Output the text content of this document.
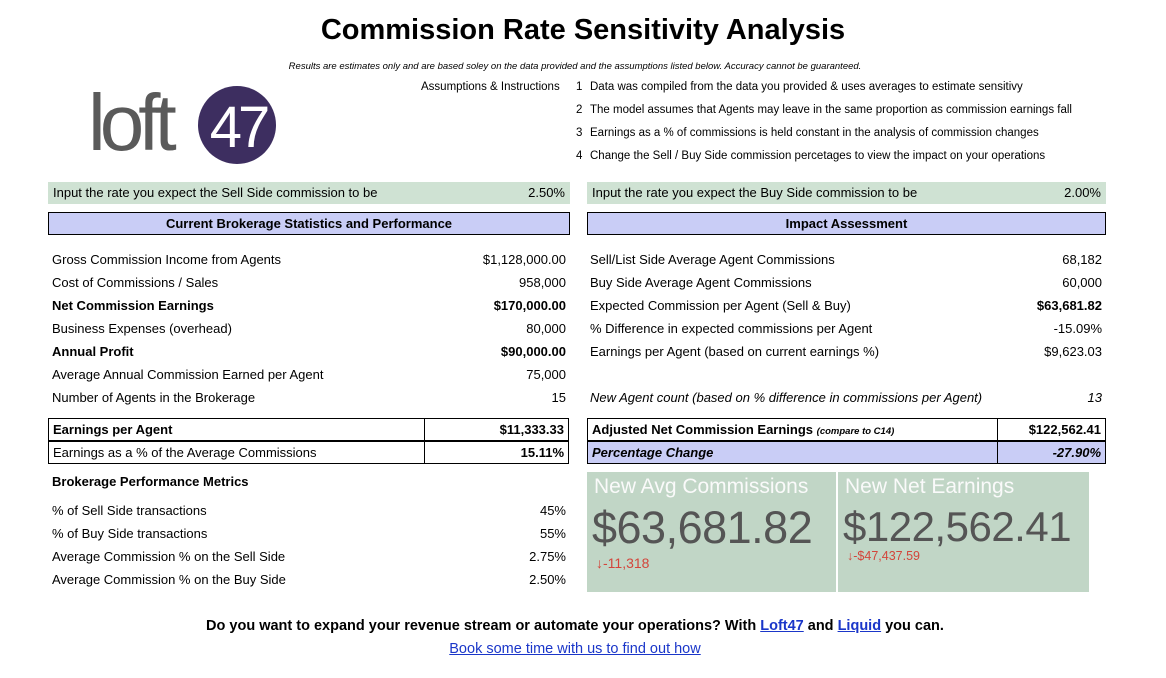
Commission Rate Sensitivity Analysis
Results are estimates only and are based soley on the data provided and the assumptions listed below. Accuracy cannot be guaranteed.
loft 47
Assumptions & Instructions 1 Data was compiled from the data you provided & uses averages to estimate sensitivy
2 The model assumes that Agents may leave in the same proportion as commission earnings fall
3 Earnings as a % of commissions is held constant in the analysis of commission changes
4 Change the Sell / Buy Side commission percetages to view the impact on your operations
Input the rate you expect the Sell Side commission to be	2.50% Input the rate you expect the Buy Side commission to be	2.00%
Current Brokerage Statistics and Performance	Impact Assessment
Gross Commission Income from Agents	$1,128,000.00
Cost of Commissions / Sales	958,000
Net Commission Earnings	$170,000.00
Business Expenses (overhead)	80,000
Annual Profit	$90,000.00
Average Annual Commission Earned per Agent	75,000
Number of Agents in the Brokerage	15
Earnings per Agent	$11,333.33
Earnings as a % of the Average Commissions	15.11%
Brokerage Performance Metrics
% of Sell Side transactions	45%
% of Buy Side transactions	55%
Average Commission % on the Sell Side	2.75%
Average Commission % on the Buy Side	2.50%
Sell/List Side Average Agent Commissions	68,182
Buy Side Average Agent Commissions	60,000
Expected Commission per Agent (Sell & Buy)	$63,681.82
% Difference in expected commissions per Agent	-15.09%
Earnings per Agent (based on current earnings %)	$9,623.03
New Agent count (based on % difference in commissions per Agent)	13
Adjusted Net Commission Earnings (compare to C14)	$122,562.41
Percentage Change	-27.90%
New Avg Commissions
$63,681.82
↓-11,318
New Net Earnings
$122,562.41
↓-$47,437.59
Do you want to expand your revenue stream or automate your operations? With Loft47 and Liquid you can.
Book some time with us to find out how
